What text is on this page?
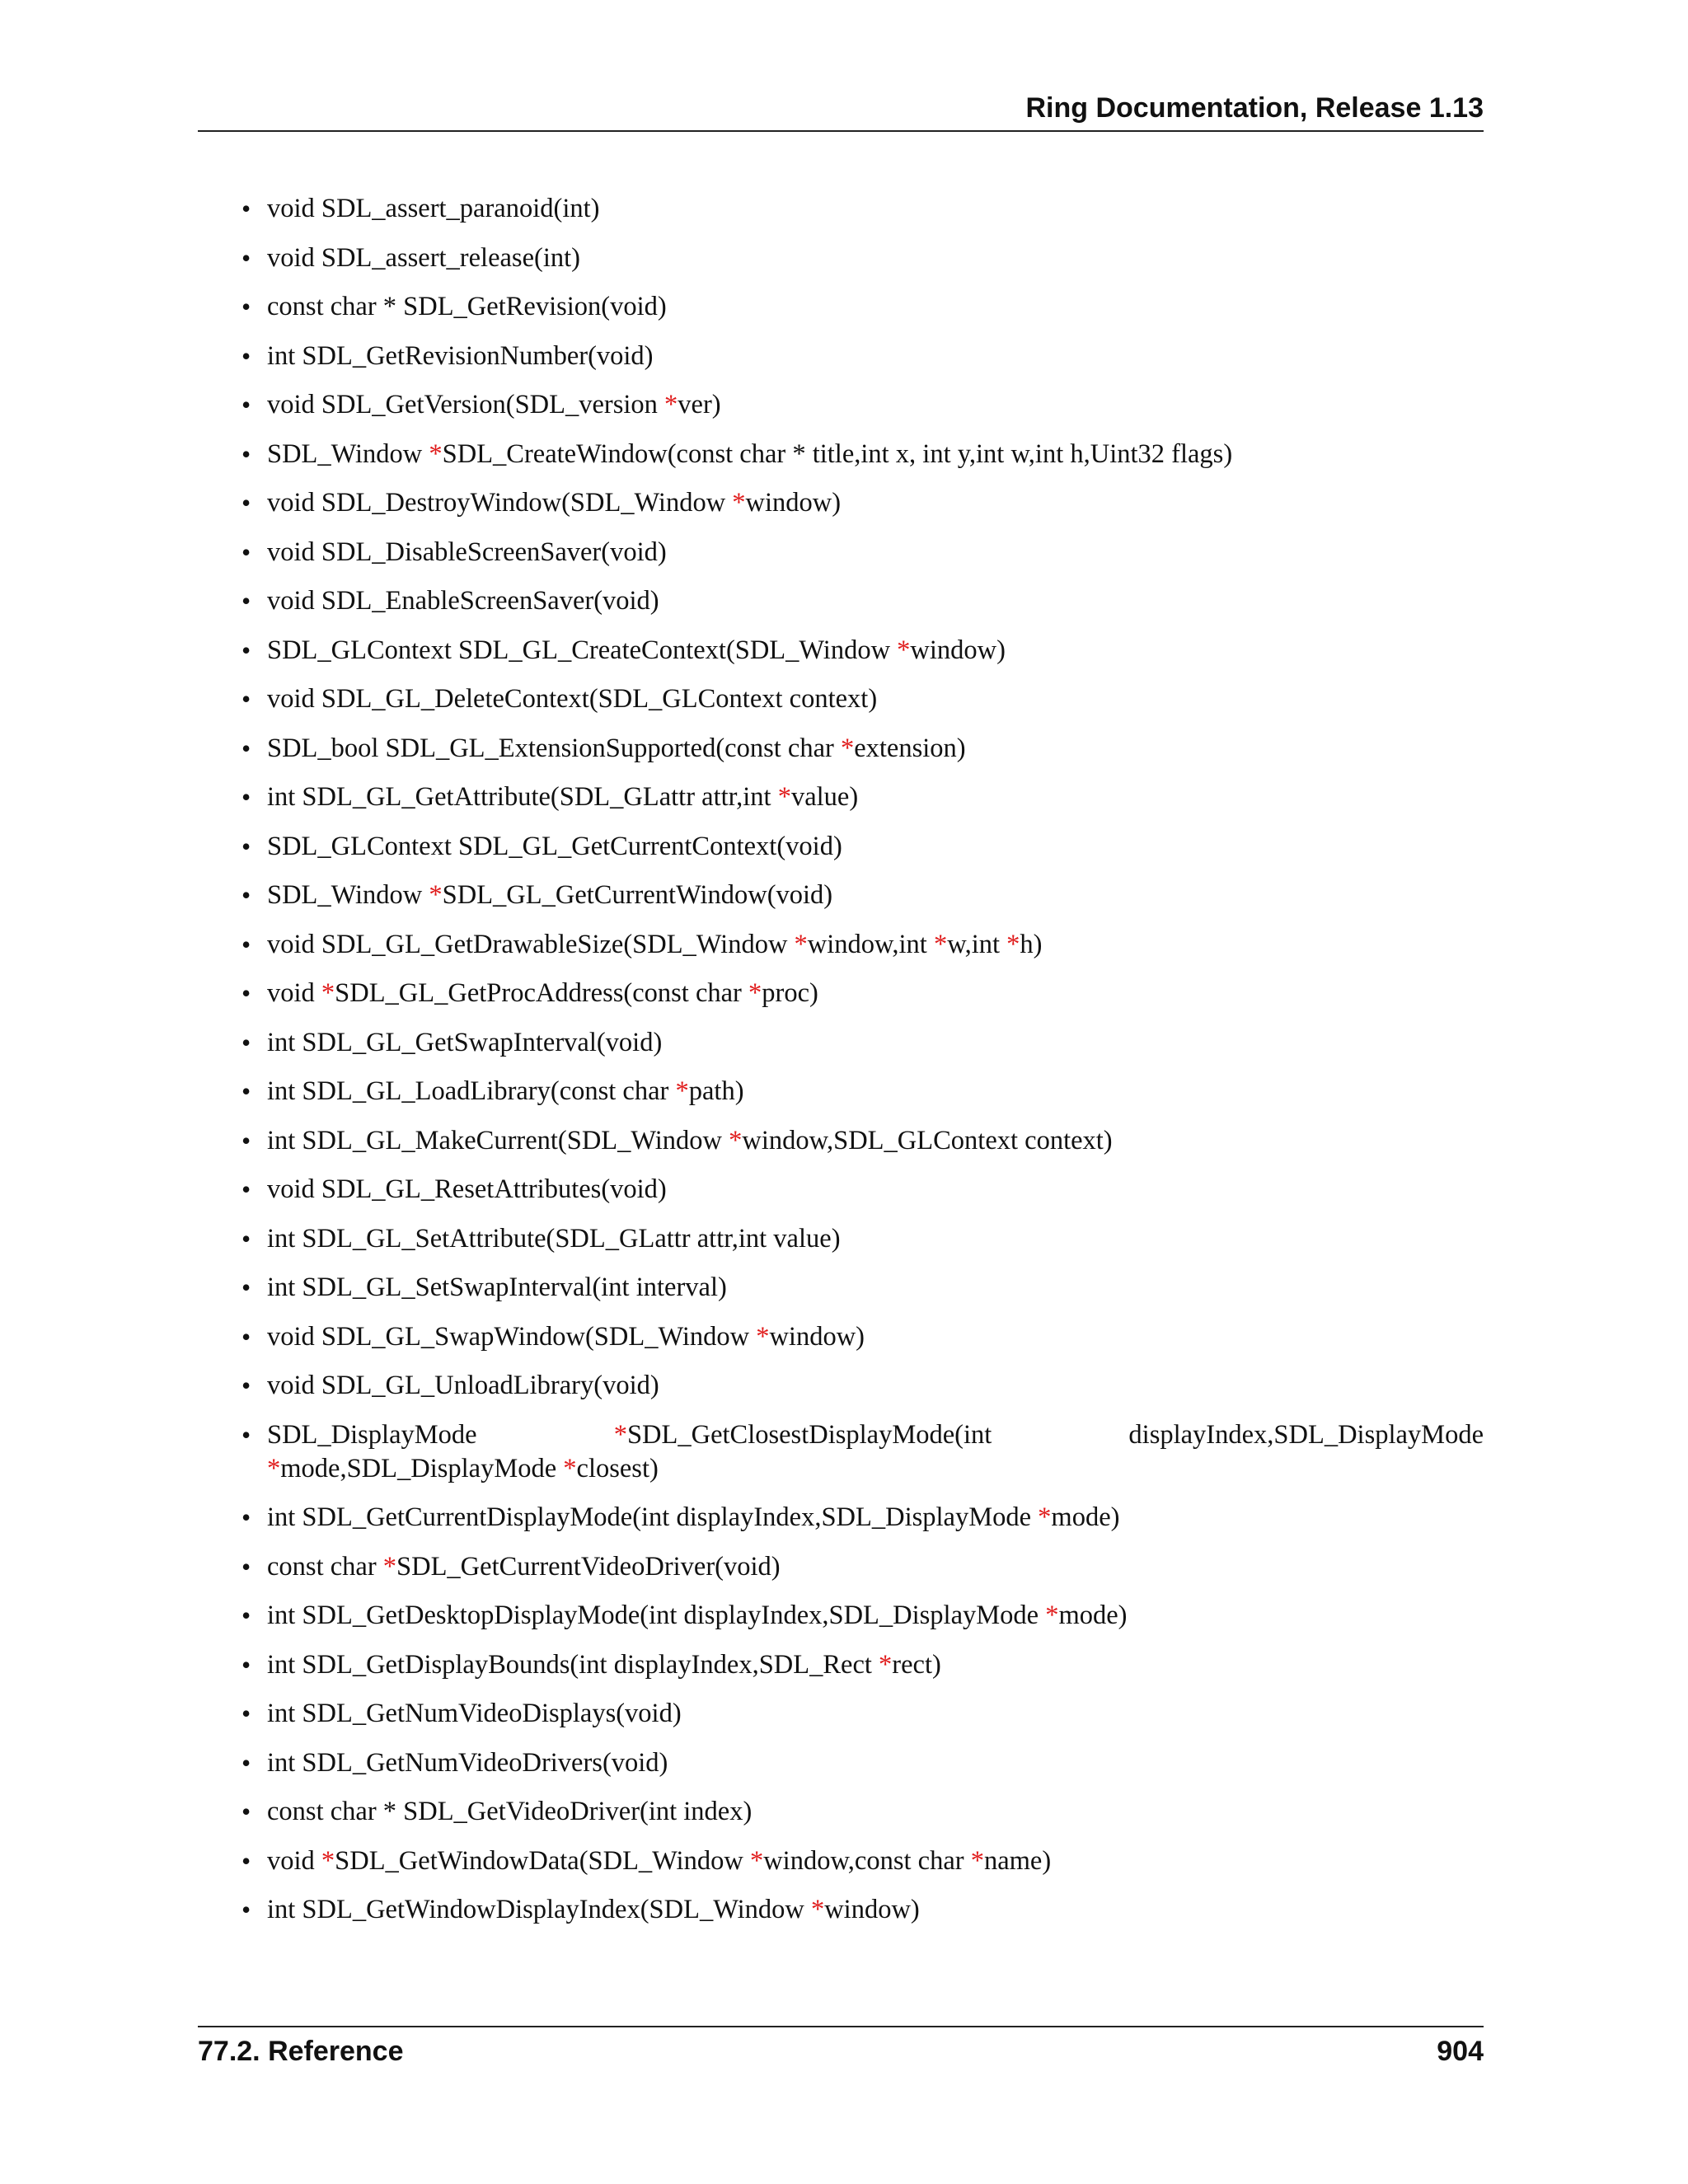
Ring Documentation, Release 1.13
• void SDL_assert_paranoid(int)
• void SDL_assert_release(int)
• const char * SDL_GetRevision(void)
• int SDL_GetRevisionNumber(void)
• void SDL_GetVersion(SDL_version *ver)
• SDL_Window *SDL_CreateWindow(const char * title,int x, int y,int w,int h,Uint32 flags)
• void SDL_DestroyWindow(SDL_Window *window)
• void SDL_DisableScreenSaver(void)
• void SDL_EnableScreenSaver(void)
• SDL_GLContext SDL_GL_CreateContext(SDL_Window *window)
• void SDL_GL_DeleteContext(SDL_GLContext context)
• SDL_bool SDL_GL_ExtensionSupported(const char *extension)
• int SDL_GL_GetAttribute(SDL_GLattr attr,int *value)
• SDL_GLContext SDL_GL_GetCurrentContext(void)
• SDL_Window *SDL_GL_GetCurrentWindow(void)
• void SDL_GL_GetDrawableSize(SDL_Window *window,int *w,int *h)
• void *SDL_GL_GetProcAddress(const char *proc)
• int SDL_GL_GetSwapInterval(void)
• int SDL_GL_LoadLibrary(const char *path)
• int SDL_GL_MakeCurrent(SDL_Window *window,SDL_GLContext context)
• void SDL_GL_ResetAttributes(void)
• int SDL_GL_SetAttribute(SDL_GLattr attr,int value)
• int SDL_GL_SetSwapInterval(int interval)
• void SDL_GL_SwapWindow(SDL_Window *window)
• void SDL_GL_UnloadLibrary(void)
• SDL_DisplayMode *SDL_GetClosestDisplayMode(int displayIndex,SDL_DisplayMode *mode,SDL_DisplayMode *closest)
• int SDL_GetCurrentDisplayMode(int displayIndex,SDL_DisplayMode *mode)
• const char *SDL_GetCurrentVideoDriver(void)
• int SDL_GetDesktopDisplayMode(int displayIndex,SDL_DisplayMode *mode)
• int SDL_GetDisplayBounds(int displayIndex,SDL_Rect *rect)
• int SDL_GetNumVideoDisplays(void)
• int SDL_GetNumVideoDrivers(void)
• const char * SDL_GetVideoDriver(int index)
• void *SDL_GetWindowData(SDL_Window *window,const char *name)
• int SDL_GetWindowDisplayIndex(SDL_Window *window)
77.2. Reference	904
